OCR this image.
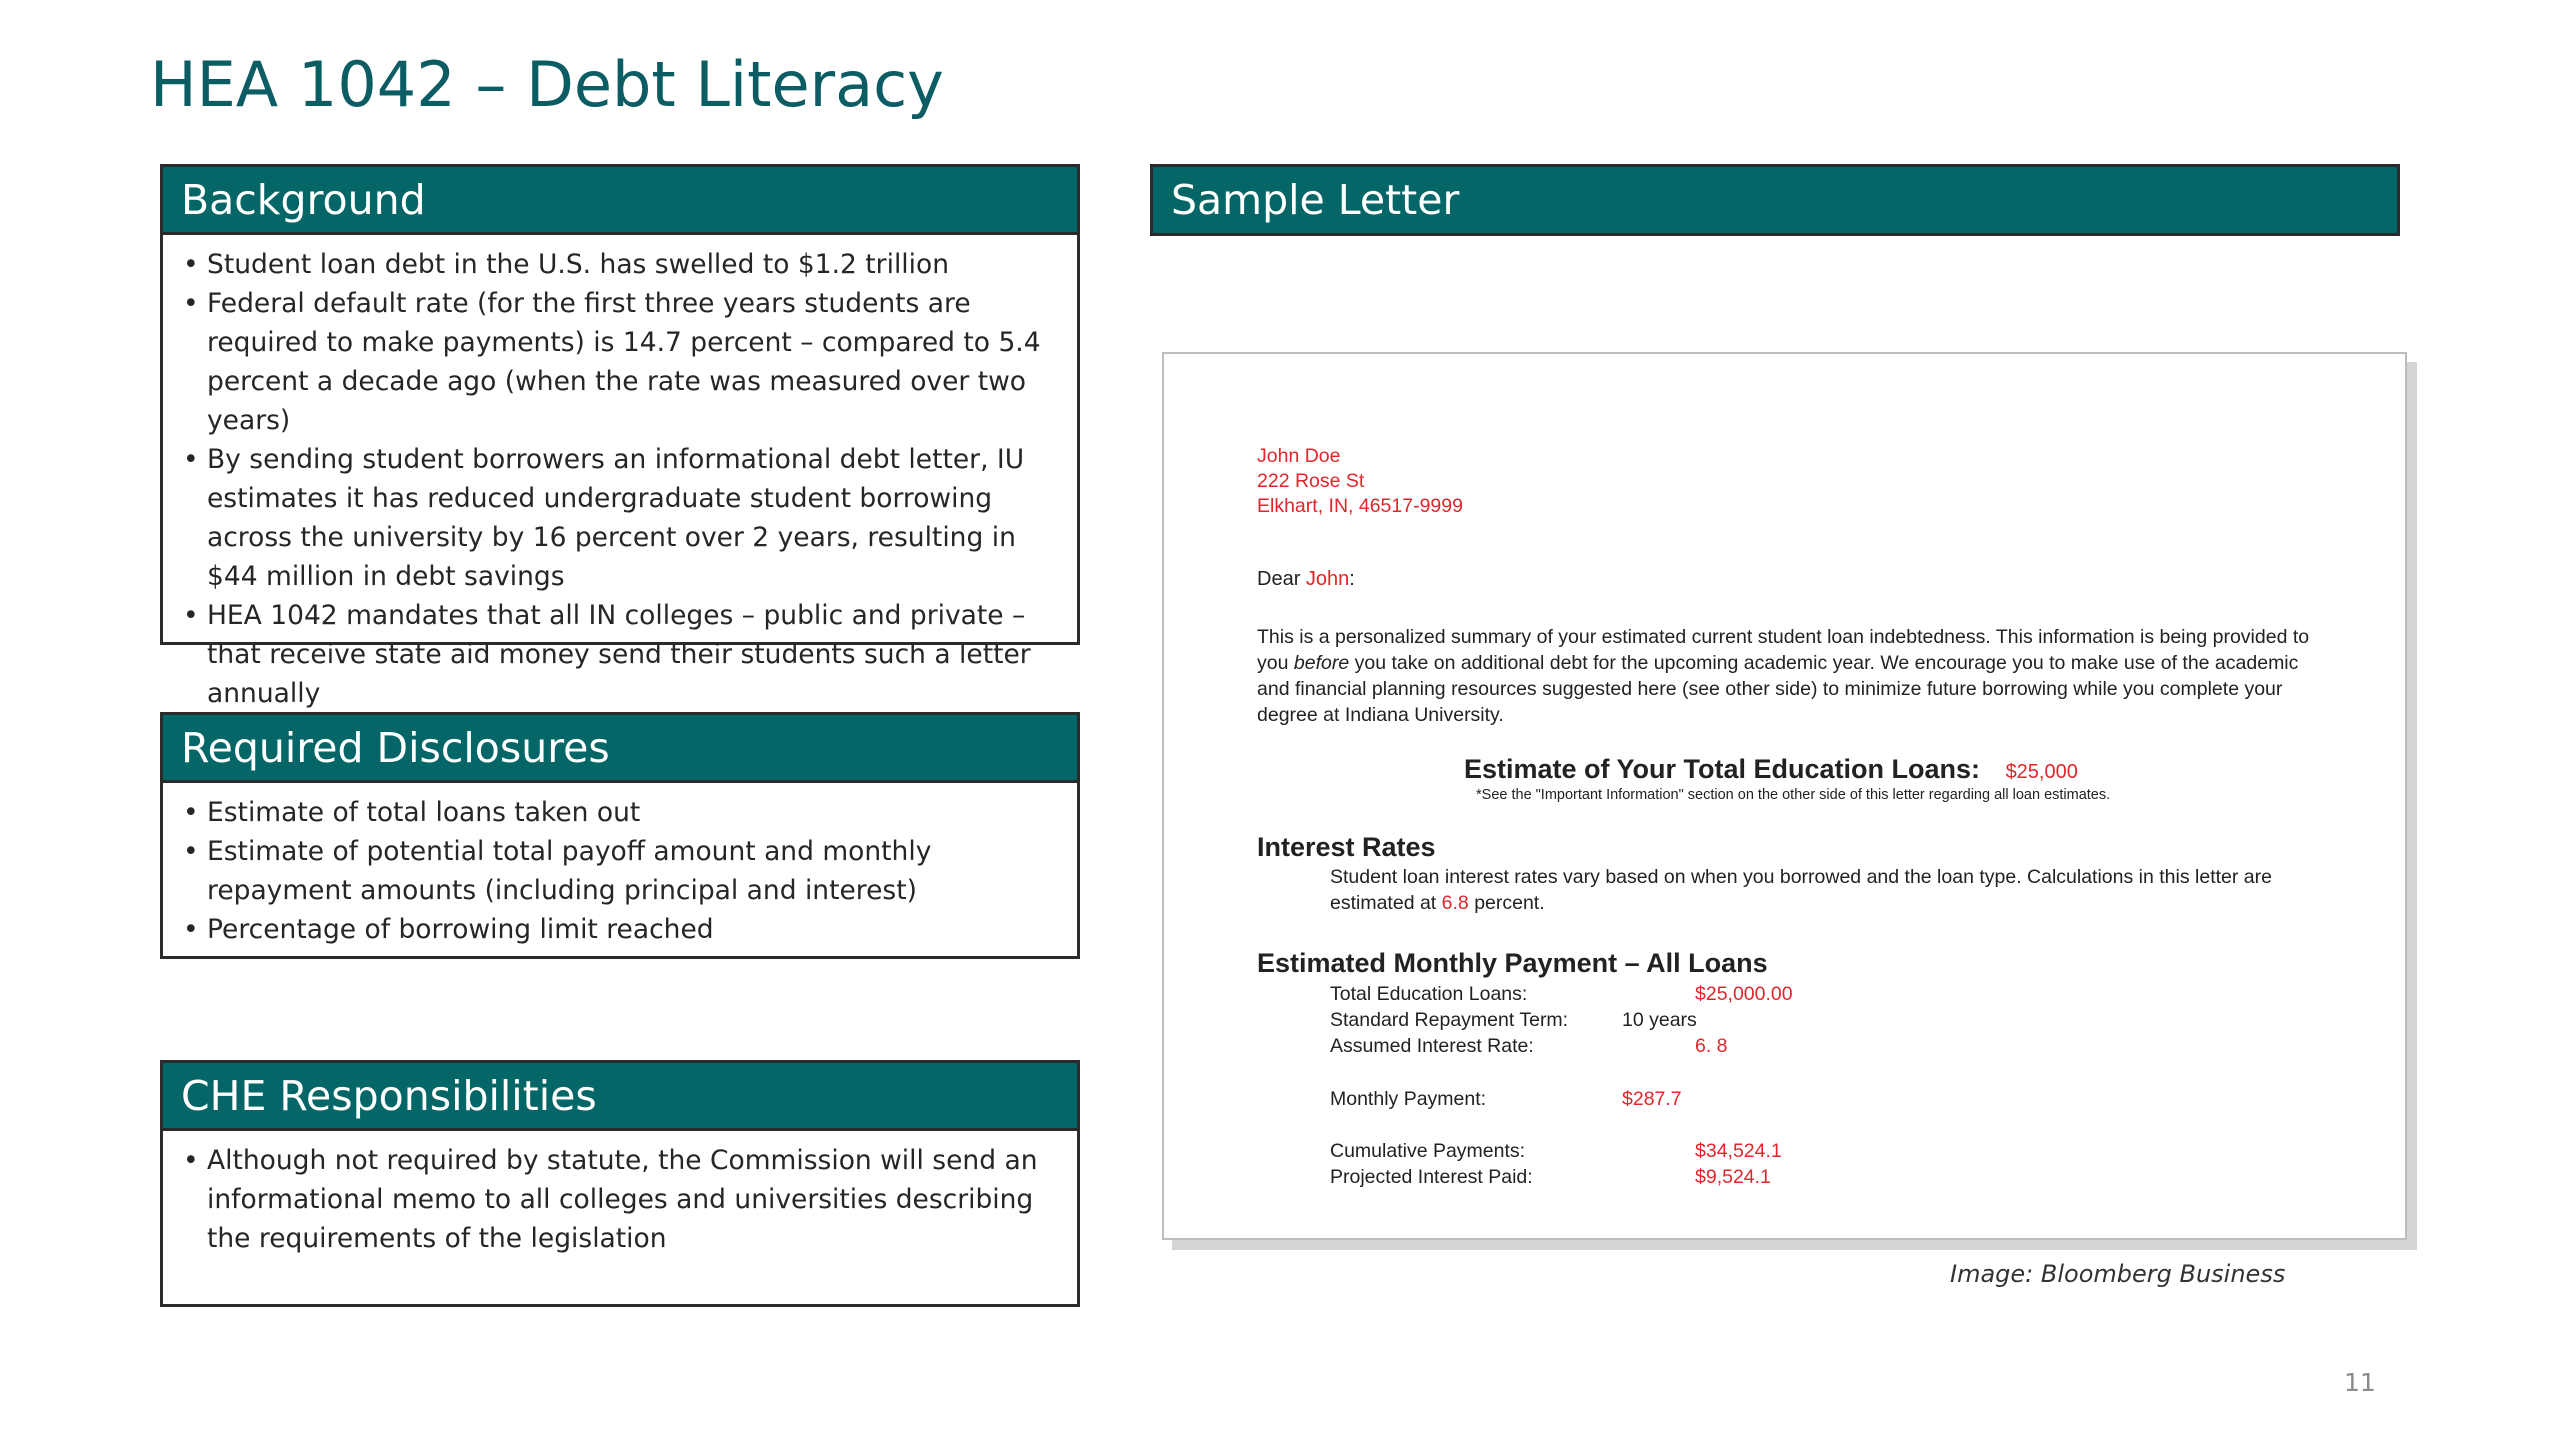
HEA 1042 – Debt Literacy
Background
• Student loan debt in the U.S. has swelled to $1.2 trillion
• Federal default rate (for the first three years students are required to make payments) is 14.7 percent – compared to 5.4 percent a decade ago (when the rate was measured over two years)
• By sending student borrowers an informational debt letter, IU estimates it has reduced undergraduate student borrowing across the university by 16 percent over 2 years, resulting in $44 million in debt savings
• HEA 1042 mandates that all IN colleges – public and private – that receive state aid money send their students such a letter annually
Required Disclosures
• Estimate of total loans taken out
• Estimate of potential total payoff amount and monthly repayment amounts (including principal and interest)
• Percentage of borrowing limit reached
CHE Responsibilities
• Although not required by statute, the Commission will send an informational memo to all colleges and universities describing the requirements of the legislation
Sample Letter
John Doe
222 Rose St
Elkhart, IN, 46517-9999
Dear John:

This is a personalized summary of your estimated current student loan indebtedness. This information is being provided to you before you take on additional debt for the upcoming academic year. We encourage you to make use of the academic and financial planning resources suggested here (see other side) to minimize future borrowing while you complete your degree at Indiana University.

Estimate of Your Total Education Loans: $25,000
*See the "Important Information" section on the other side of this letter regarding all loan estimates.
Interest Rates

Student loan interest rates vary based on when you borrowed and the loan type. Calculations in this letter are estimated at 6.8 percent.

Estimated Monthly Payment – All Loans
Total Education Loans:	$25,000.00
Standard Repayment Term:	10 years
Assumed Interest Rate:	6. 8
Monthly Payment:	$287.7
Cumulative Payments:	$34,524.1
Projected Interest Paid:	$9,524.1
Image: Bloomberg Business
11
